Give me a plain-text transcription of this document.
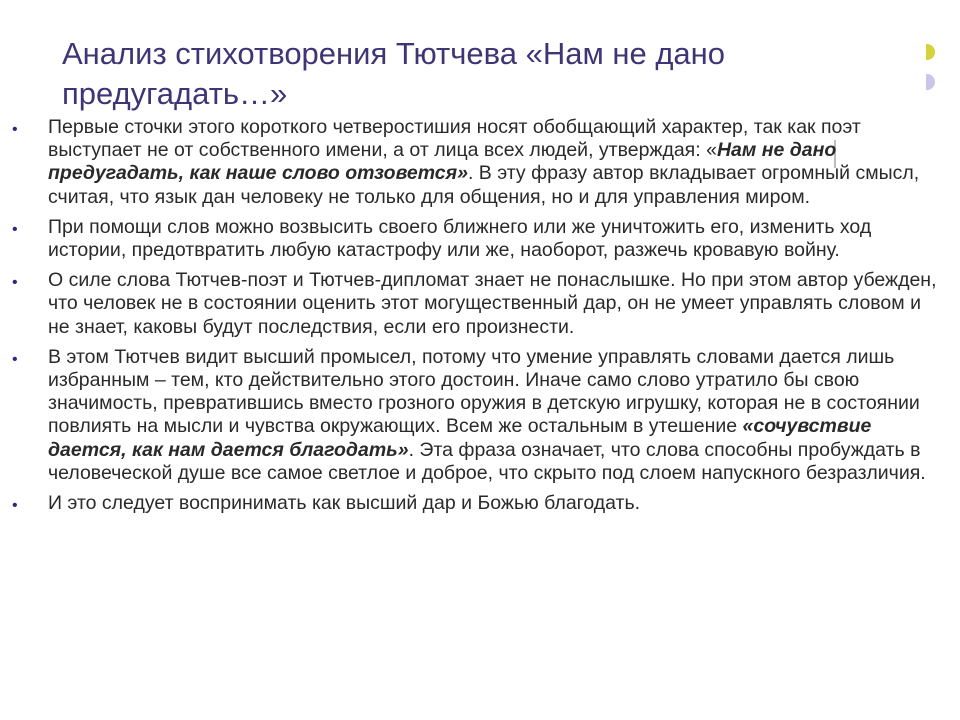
Анализ стихотворения Тютчева «Нам не дано предугадать…»
• Первые сточки этого короткого четверостишия носят обобщающий характер, так как поэт выступает не от собственного имени, а от лица всех людей, утверждая: «Нам не дано предугадать, как наше слово отзовется». В эту фразу автор вкладывает огромный смысл, считая, что язык дан человеку не только для общения, но и для управления миром.
• При помощи слов можно возвысить своего ближнего или же уничтожить его, изменить ход истории, предотвратить любую катастрофу или же, наоборот, разжечь кровавую войну.
• О силе слова Тютчев-поэт и Тютчев-дипломат знает не понаслышке. Но при этом автор убежден, что человек не в состоянии оценить этот могущественный дар, он не умеет управлять словом и не знает, каковы будут последствия, если его произнести.
• В этом Тютчев видит высший промысел, потому что умение управлять словами дается лишь избранным – тем, кто действительно этого достоин. Иначе само слово утратило бы свою значимость, превратившись вместо грозного оружия в детскую игрушку, которая не в состоянии повлиять на мысли и чувства окружающих. Всем же остальным в утешение «сочувствие дается, как нам дается благодать». Эта фраза означает, что слова способны пробуждать в человеческой душе все самое светлое и доброе, что скрыто под слоем напускного безразличия.
• И это следует воспринимать как высший дар и Божью благодать.
